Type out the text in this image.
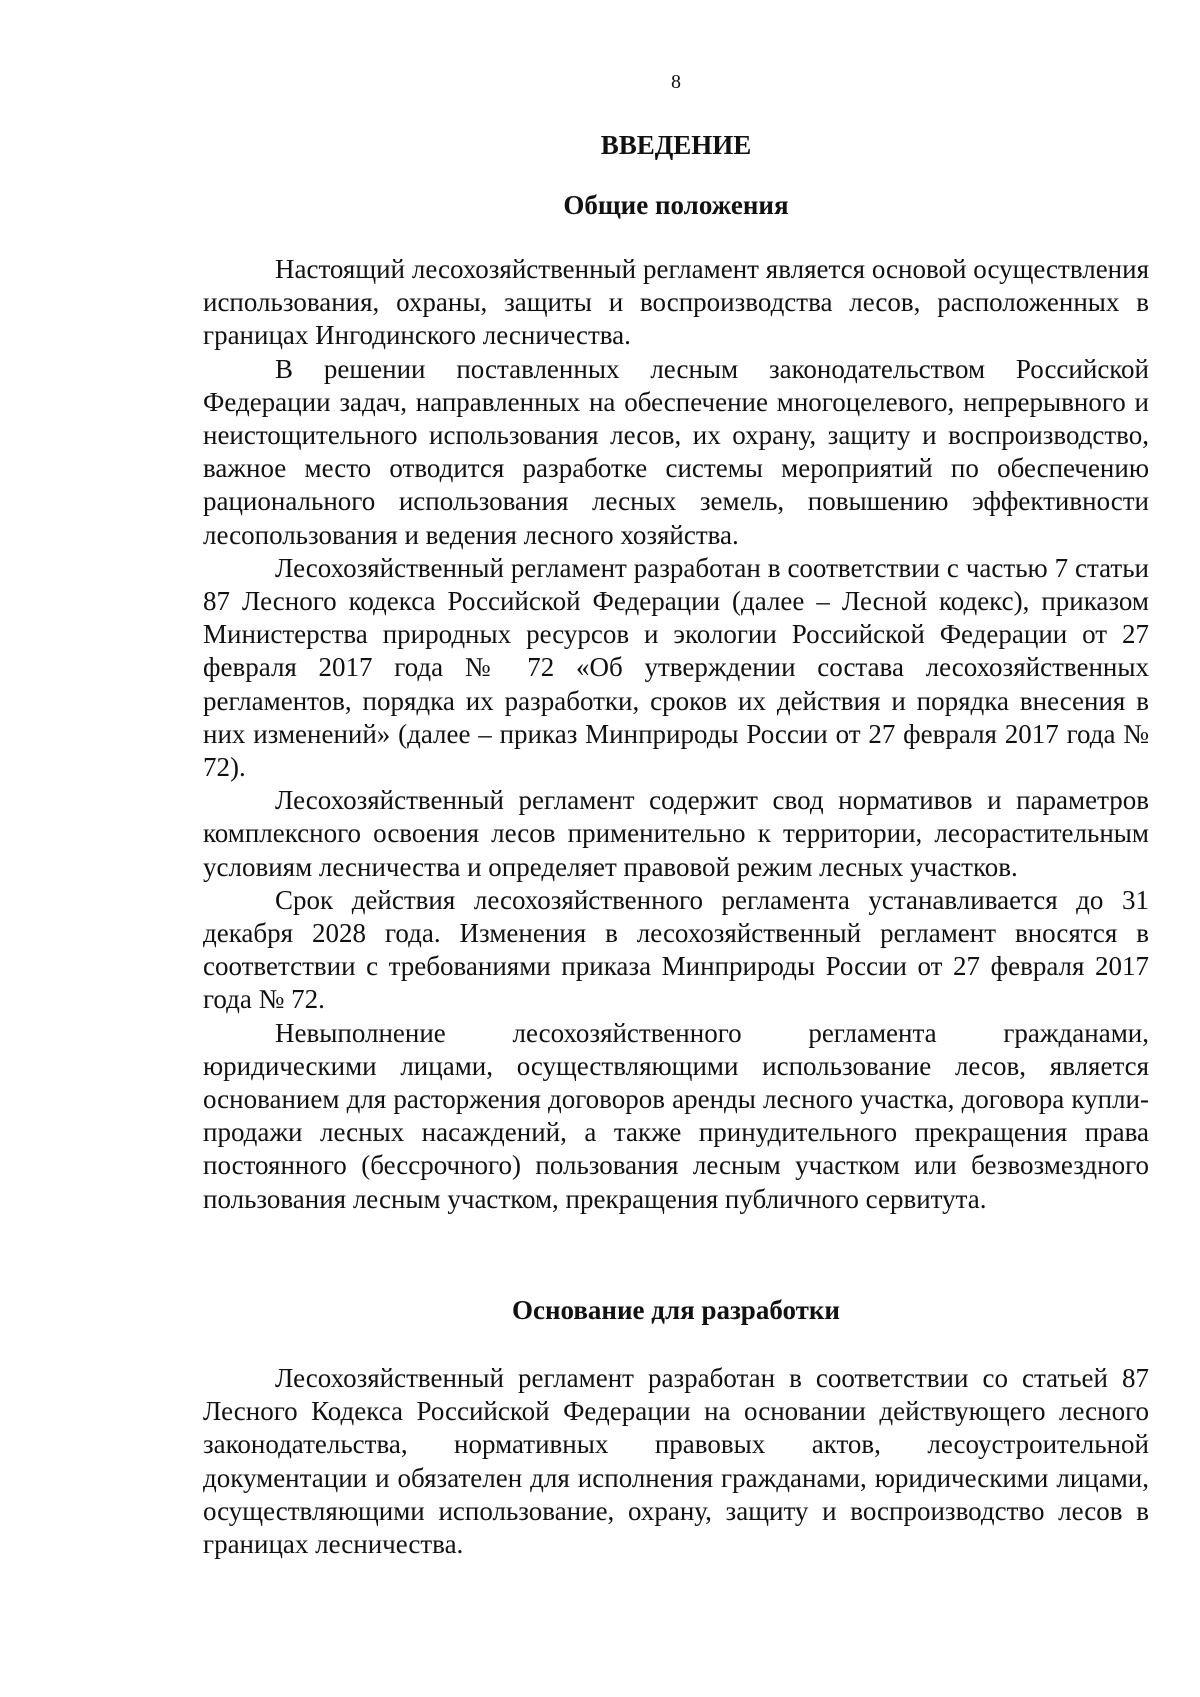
8
ВВЕДЕНИЕ
Общие положения

Настоящий лесохозяйственный регламент является основой осуществления использования, охраны, защиты и воспроизводства лесов, расположенных в границах Ингодинского лесничества.

В решении поставленных лесным законодательством Российской Федерации задач, направленных на обеспечение многоцелевого, непрерывного и неистощительного использования лесов, их охрану, защиту и воспроизводство, важное место отводится разработке системы мероприятий по обеспечению рационального использования лесных земель, повышению эффективности лесопользования и ведения лесного хозяйства.

Лесохозяйственный регламент разработан в соответствии с частью 7 статьи 87 Лесного кодекса Российской Федерации (далее – Лесной кодекс), приказом Министерства природных ресурсов и экологии Российской Федерации от 27 февраля 2017 года № 72 «Об утверждении состава лесохозяйственных регламентов, порядка их разработки, сроков их действия и порядка внесения в них изменений» (далее – приказ Минприроды России от 27 февраля 2017 года № 72).

Лесохозяйственный регламент содержит свод нормативов и параметров комплексного освоения лесов применительно к территории, лесорастительным условиям лесничества и определяет правовой режим лесных участков.

Срок действия лесохозяйственного регламента устанавливается до 31 декабря 2028 года. Изменения в лесохозяйственный регламент вносятся в соответствии с требованиями приказа Минприроды России от 27 февраля 2017 года № 72.

Невыполнение лесохозяйственного регламента гражданами, юридическими лицами, осуществляющими использование лесов, является основанием для расторжения договоров аренды лесного участка, договора купли-продажи лесных насаждений, а также принудительного прекращения права постоянного (бессрочного) пользования лесным участком или безвозмездного пользования лесным участком, прекращения публичного сервитута.

Основание для разработки

Лесохозяйственный регламент разработан в соответствии со статьей 87 Лесного Кодекса Российской Федерации на основании действующего лесного законодательства, нормативных правовых актов, лесоустроительной документации и обязателен для исполнения гражданами, юридическими лицами, осуществляющими использование, охрану, защиту и воспроизводство лесов в границах лесничества.
